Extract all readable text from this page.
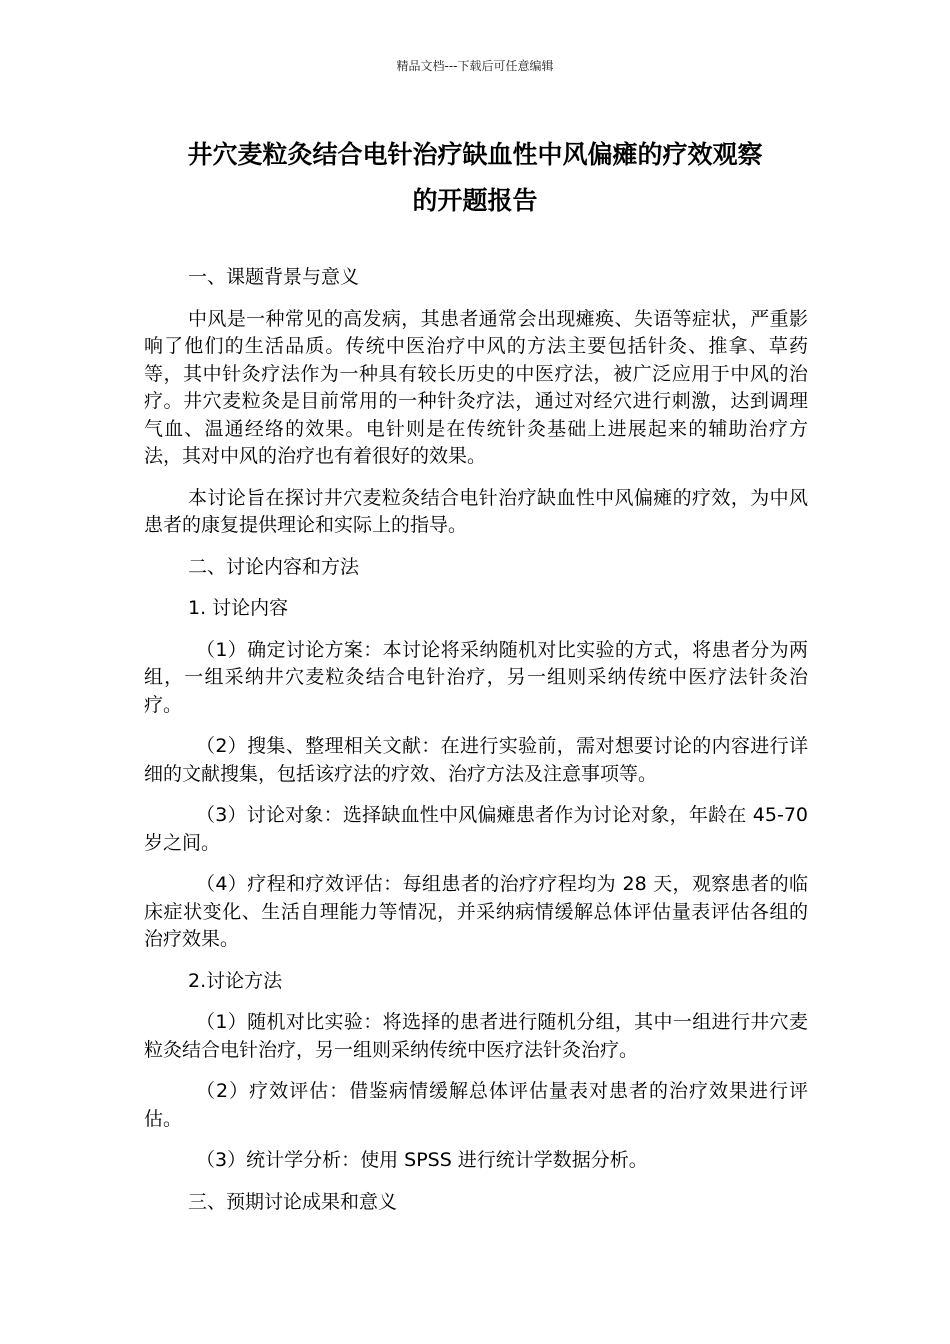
精品文档---下载后可任意编辑
井穴麦粒灸结合电针治疗缺血性中风偏瘫的疗效观察
的开题报告

一、课题背景与意义

中风是一种常见的高发病，其患者通常会出现瘫痪、失语等症状，严重影响了他们的生活品质。传统中医治疗中风的方法主要包括针灸、推拿、草药等，其中针灸疗法作为一种具有较长历史的中医疗法，被广泛应用于中风的治疗。井穴麦粒灸是目前常用的一种针灸疗法，通过对经穴进行刺激，达到调理气血、温通经络的效果。电针则是在传统针灸基础上进展起来的辅助治疗方法，其对中风的治疗也有着很好的效果。

本讨论旨在探讨井穴麦粒灸结合电针治疗缺血性中风偏瘫的疗效，为中风患者的康复提供理论和实际上的指导。

二、讨论内容和方法

1. 讨论内容

（1）确定讨论方案：本讨论将采纳随机对比实验的方式，将患者分为两组，一组采纳井穴麦粒灸结合电针治疗，另一组则采纳传统中医疗法针灸治疗。

（2）搜集、整理相关文献：在进行实验前，需对想要讨论的内容进行详细的文献搜集，包括该疗法的疗效、治疗方法及注意事项等。

（3）讨论对象：选择缺血性中风偏瘫患者作为讨论对象，年龄在 45-70 岁之间。

（4）疗程和疗效评估：每组患者的治疗疗程均为 28 天，观察患者的临床症状变化、生活自理能力等情况，并采纳病情缓解总体评估量表评估各组的治疗效果。

2.讨论方法

（1）随机对比实验：将选择的患者进行随机分组，其中一组进行井穴麦粒灸结合电针治疗，另一组则采纳传统中医疗法针灸治疗。

（2）疗效评估：借鉴病情缓解总体评估量表对患者的治疗效果进行评估。

（3）统计学分析：使用 SPSS 进行统计学数据分析。

三、预期讨论成果和意义
